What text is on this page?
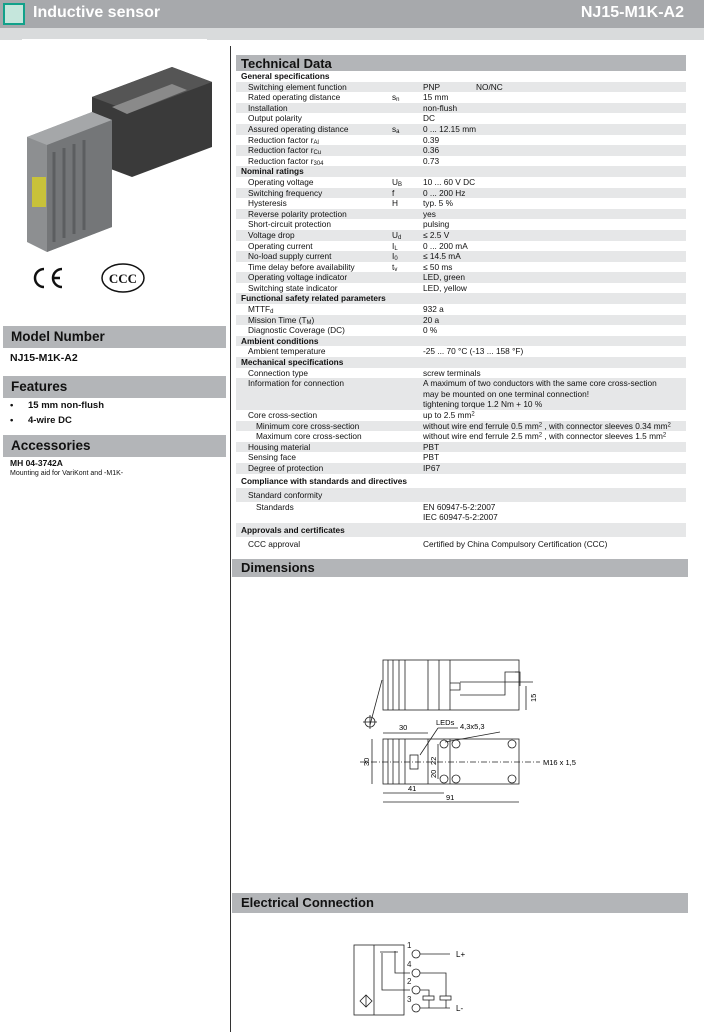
Inductive sensor	NJ15-M1K-A2
CCC
Model Number
NJ15-M1K-A2
Features
• 15 mm non-flush
• 4-wire DC
Accessories
MH 04-3742A
Mounting aid for VariKont and -M1K-
Technical Data
General specifications
Switching element function	PNP	NO/NC
Rated operating distance	$s_n$	15 mm
Installation	non-flush
Output polarity	DC
Assured operating distance	$s_a$	0 ... 12.15 mm
Reduction factor $r_{Al}$	0.39
Reduction factor $r_{Cu}$	0.36
Reduction factor $r_{304}$	0.73
Nominal ratings
Operating voltage	$U_B$	10 ... 60 V DC
Switching frequency	f	0 ... 200 Hz
Hysteresis	H	typ. 5 %
Reverse polarity protection	yes
Short-circuit protection	pulsing
Voltage drop	$U_d$	≤ 2.5 V
Operating current	$I_L$	0 ... 200 mA
No-load supply current	$I_0$	≤ 14.5 mA
Time delay before availability	$t_v$	≤ 50 ms
Operating voltage indicator	LED, green
Switching state indicator	LED, yellow
Functional safety related parameters
$MTTF_d$	932 a
Mission Time $(T_M)$	20 a
Diagnostic Coverage (DC)	0 %
Ambient conditions
Ambient temperature	-25 ... 70 °C (-13 ... 158 °F)
Mechanical specifications
Connection type	screw terminals
Information for connection	A maximum of two conductors with the same core cross-section
may be mounted on one terminal connection!
tightening torque 1.2 Nm + 10 %
Core cross-section	up to 2.5 $mm^2$
Minimum core cross-section	without wire end ferrule 0.5 $mm^2$ , with connector sleeves 0.34 $mm^2$
Maximum core cross-section	without wire end ferrule 2.5 $mm^2$ , with connector sleeves 1.5 $mm^2$
Housing material	PBT
Sensing face	PBT
Degree of protection	IP67
Compliance with standards and directives
Standard conformity

Standards	EN 60947-5-2:2007
IEC 60947-5-2:2007
Approvals and certificates
CCC approval	Certified by China Compulsory Certification (CCC)
Dimensions
15
30
LEDs 4,3x5,3
30
20
22
41
91
M16 x 1,5
Electrical Connection
1
4
2
3
L+
L-
